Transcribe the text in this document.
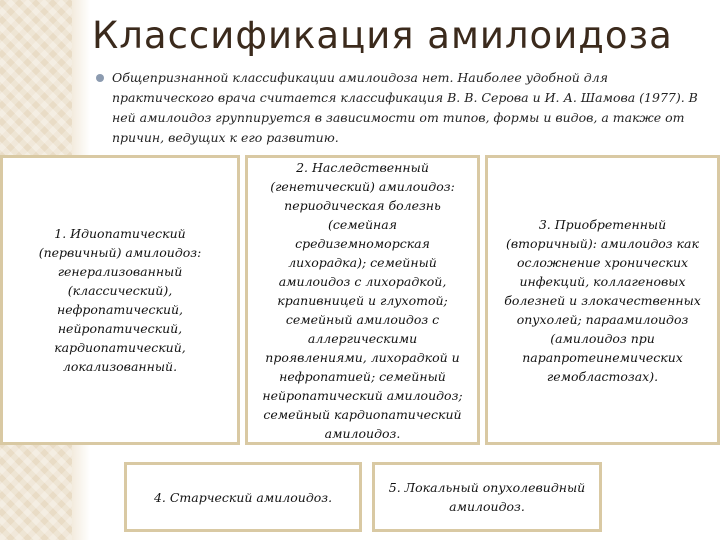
Классификация амилоидоза
Общепризнанной классификации амилоидоза нет. Наиболее удобной для практического врача считается классификация В. В. Серова и И. А. Шамова (1977). В ней амилоидоз группируется в зависимости от типов, формы и видов, а также от причин, ведущих к его развитию.
1. Идиопатический (первичный) амилоидоз: генерализованный (классический), нефропатический, нейропатический, кардиопатический, локализованный.
2. Наследственный (генетический) амилоидоз: периодическая болезнь (семейная средиземноморская лихорадка); семейный амилоидоз с лихорадкой, крапивницей и глухотой; семейный амилоидоз с аллергическими проявлениями, лихорадкой и нефропатией; семейный нейропатический амилоидоз; семейный кардиопатический амилоидоз.
3. Приобретенный (вторичный): амилоидоз как осложнение хронических инфекций, коллагеновых болезней и злокачественных опухолей; параамилоидоз (амилоидоз при парапротеинемических гемобластозах).
4. Старческий амилоидоз.
5. Локальный опухолевидный амилоидоз.
